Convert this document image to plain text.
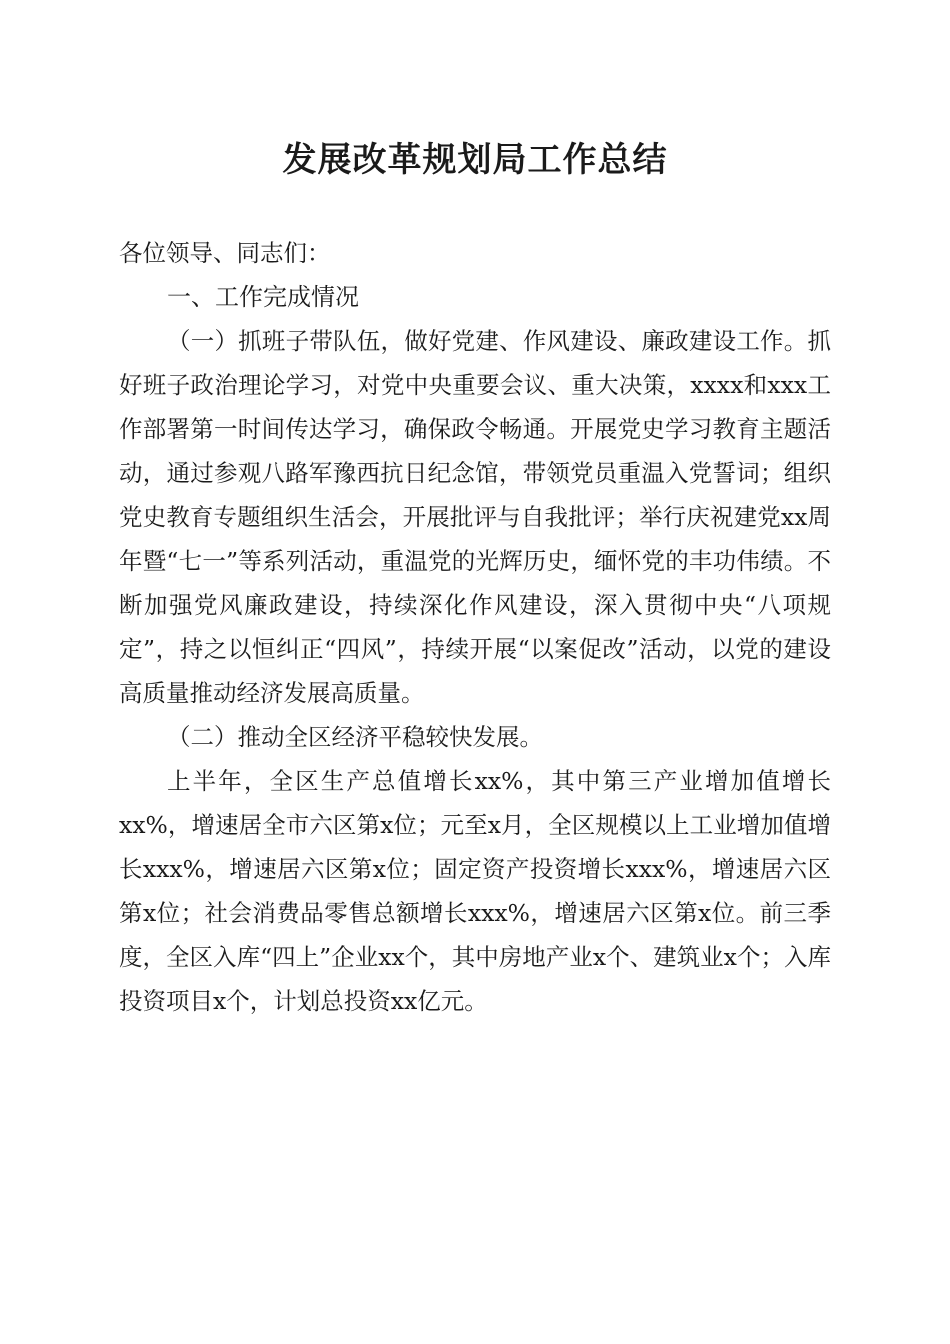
发展改革规划局工作总结

各位领导、同志们：

一、工作完成情况

（一）抓班子带队伍，做好党建、作风建设、廉政建设工作。抓好班子政治理论学习，对党中央重要会议、重大决策，xxxx和xxx工作部署第一时间传达学习，确保政令畅通。开展党史学习教育主题活动，通过参观八路军豫西抗日纪念馆，带领党员重温入党誓词；组织党史教育专题组织生活会，开展批评与自我批评；举行庆祝建党xx周年暨“七一”等系列活动，重温党的光辉历史，缅怀党的丰功伟绩。不断加强党风廉政建设，持续深化作风建设，深入贯彻中央“八项规定”，持之以恒纠正“四风”，持续开展“以案促改”活动，以党的建设高质量推动经济发展高质量。

（二）推动全区经济平稳较快发展。

上半年，全区生产总值增长xx%，其中第三产业增加值增长xx%，增速居全市六区第x位；元至x月，全区规模以上工业增加值增长xxx%，增速居六区第x位；固定资产投资增长xxx%，增速居六区第x位；社会消费品零售总额增长xxx%，增速居六区第x位。前三季度，全区入库“四上”企业xx个，其中房地产业x个、建筑业x个；入库投资项目x个，计划总投资xx亿元。
